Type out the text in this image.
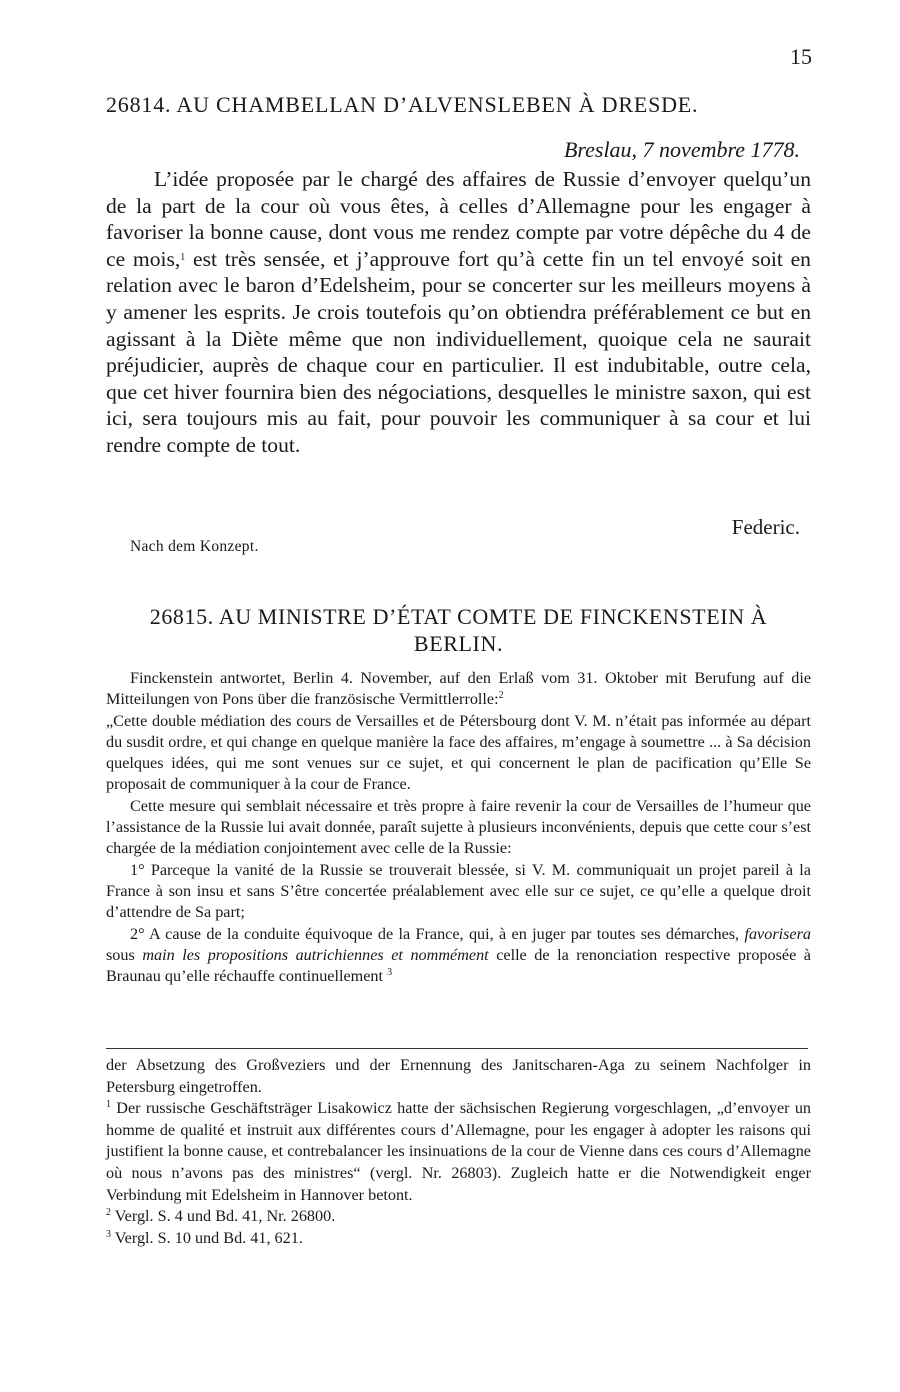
15
26814. AU CHAMBELLAN D’ALVENSLEBEN À DRESDE.
Breslau, 7 novembre 1778.

L’idée proposée par le chargé des affaires de Russie d’envoyer quelqu’un de la part de la cour où vous êtes, à celles d’Allemagne pour les engager à favoriser la bonne cause, dont vous me rendez compte par votre dépêche du 4 de ce mois,$^1$ est très sensée, et j’approuve fort qu’à cette fin un tel envoyé soit en relation avec le baron d’Edelsheim, pour se concerter sur les meilleurs moyens à y amener les esprits. Je crois toutefois qu’on obtiendra préférablement ce but en agissant à la Diète même que non individuellement, quoique cela ne saurait préjudicier, auprès de chaque cour en particulier. Il est indubitable, outre cela, que cet hiver fournira bien des négociations, desquelles le ministre saxon, qui est ici, sera toujours mis au fait, pour pouvoir les communiquer à sa cour et lui rendre compte de tout.

Federic.
Nach dem Konzept.
26815. AU MINISTRE D’ÉTAT COMTE DE FINCKENSTEIN À BERLIN.

Finckenstein antwortet, Berlin 4. November, auf den Erlaß vom 31. Oktober mit Berufung auf die Mitteilungen von Pons über die französische Vermittlerrolle:$^2$

„Cette double médiation des cours de Versailles et de Pétersbourg dont V. M. n’était pas informée au départ du susdit ordre, et qui change en quelque manière la face des affaires, m’engage à soumettre ... à Sa décision quelques idées, qui me sont venues sur ce sujet, et qui concernent le plan de pacification qu’Elle Se proposait de communiquer à la cour de France.

Cette mesure qui semblait nécessaire et très propre à faire revenir la cour de Versailles de l’humeur que l’assistance de la Russie lui avait donnée, paraît sujette à plusieurs inconvénients, depuis que cette cour s’est chargée de la médiation conjointement avec celle de la Russie:

1° Parceque la vanité de la Russie se trouverait blessée, si V. M. communiquait un projet pareil à la France à son insu et sans S’être concertée préalablement avec elle sur ce sujet, ce qu’elle a quelque droit d’attendre de Sa part;

2° A cause de la conduite équivoque de la France, qui, à en juger par toutes ses démarches, favorisera sous main les propositions autrichiennes et nommément celle de la renonciation respective proposée à Braunau qu’elle réchauffe continuellement $^3$

der Absetzung des Großveziers und der Ernennung des Janitscharen-Aga zu seinem Nachfolger in Petersburg eingetroffen.

$^1$ Der russische Geschäftsträger Lisakowicz hatte der sächsischen Regierung vorgeschlagen, „d’envoyer un homme de qualité et instruit aux différentes cours d’Allemagne, pour les engager à adopter les raisons qui justifient la bonne cause, et contrebalancer les insinuations de la cour de Vienne dans ces cours d’Allemagne où nous n’avons pas des ministres“ (vergl. Nr. 26803). Zugleich hatte er die Notwendigkeit enger Verbindung mit Edelsheim in Hannover betont.

$^2$ Vergl. S. 4 und Bd. 41, Nr. 26800.

$^3$ Vergl. S. 10 und Bd. 41, 621.
